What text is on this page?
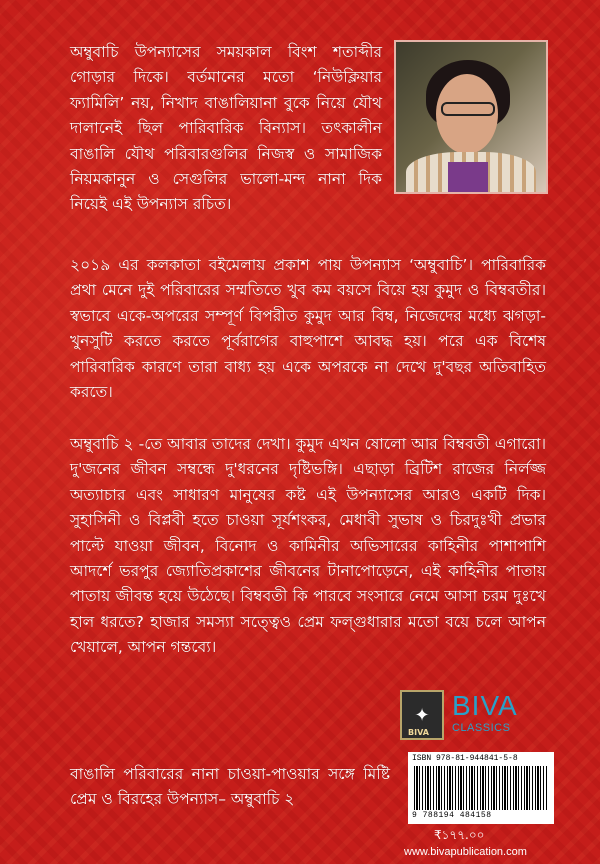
অম্বুবাচি উপন্যাসের সময়কাল বিংশ শতাব্দীর গোড়ার দিকে। বর্তমানের মতো ‘নিউক্লিয়ার ফ্যামিলি’ নয়, নিখাদ বাঙালিয়ানা বুকে নিয়ে যৌথ দালানেই ছিল পারিবারিক বিন্যাস। তৎকালীন বাঙালি যৌথ পরিবারগুলির নিজস্ব ও সামাজিক নিয়মকানুন ও সেগুলির ভালো-মন্দ নানা দিক নিয়েই এই উপন্যাস রচিত।
২০১৯ এর কলকাতা বইমেলায় প্রকাশ পায় উপন্যাস ‘অম্বুবাচি’। পারিবারিক প্রথা মেনে দুই পরিবারের সম্মতিতে খুব কম বয়সে বিয়ে হয় কুমুদ ও বিম্ববতীর। স্বভাবে একে-অপরের সম্পূর্ণ বিপরীত কুমুদ আর বিম্ব, নিজেদের মধ্যে ঝগড়া-খুনসুটি করতে করতে পূর্বরাগের বাহুপাশে আবদ্ধ হয়। পরে এক বিশেষ পারিবারিক কারণে তারা বাধ্য হয় একে অপরকে না দেখে দু'বছর অতিবাহিত করতে।
অম্বুবাচি ২ -তে আবার তাদের দেখা। কুমুদ এখন ষোলো আর বিম্ববতী এগারো। দু'জনের জীবন সম্বন্ধে দু'ধরনের দৃষ্টিভঙ্গি। এছাড়া ব্রিটিশ রাজের নির্লজ্জ অত্যাচার এবং সাধারণ মানুষের কষ্ট এই উপন্যাসের আরও একটি দিক। সুহাসিনী ও বিপ্লবী হতে চাওয়া সূর্যশংকর, মেধাবী সুভাষ ও চিরদুঃখী প্রভার পাল্টে যাওয়া জীবন, বিনোদ ও কামিনীর অভিসারের কাহিনীর পাশাপাশি আদর্শে ভরপুর জ্যোতিপ্রকাশের জীবনের টানাপোড়েনে, এই কাহিনীর পাতায় পাতায় জীবন্ত হয়ে উঠেছে। বিম্ববতী কি পারবে সংসারে নেমে আসা চরম দুঃখে হাল ধরতে? হাজার সমস্যা সত্ত্বেও প্রেম ফল্গুধারার মতো বয়ে চলে আপন খেয়ালে, আপন গন্তব্যে।
বাঙালি পরিবারের নানা চাওয়া-পাওয়ার সঙ্গে মিষ্টি প্রেম ও বিরহের উপন্যাস– অম্বুবাচি ২
✦
BIVA
BIVA
CLASSICS
ISBN 978-81-944841-5-8
9 788194 484158
₹১৭৭.০০
www.bivapublication.com
